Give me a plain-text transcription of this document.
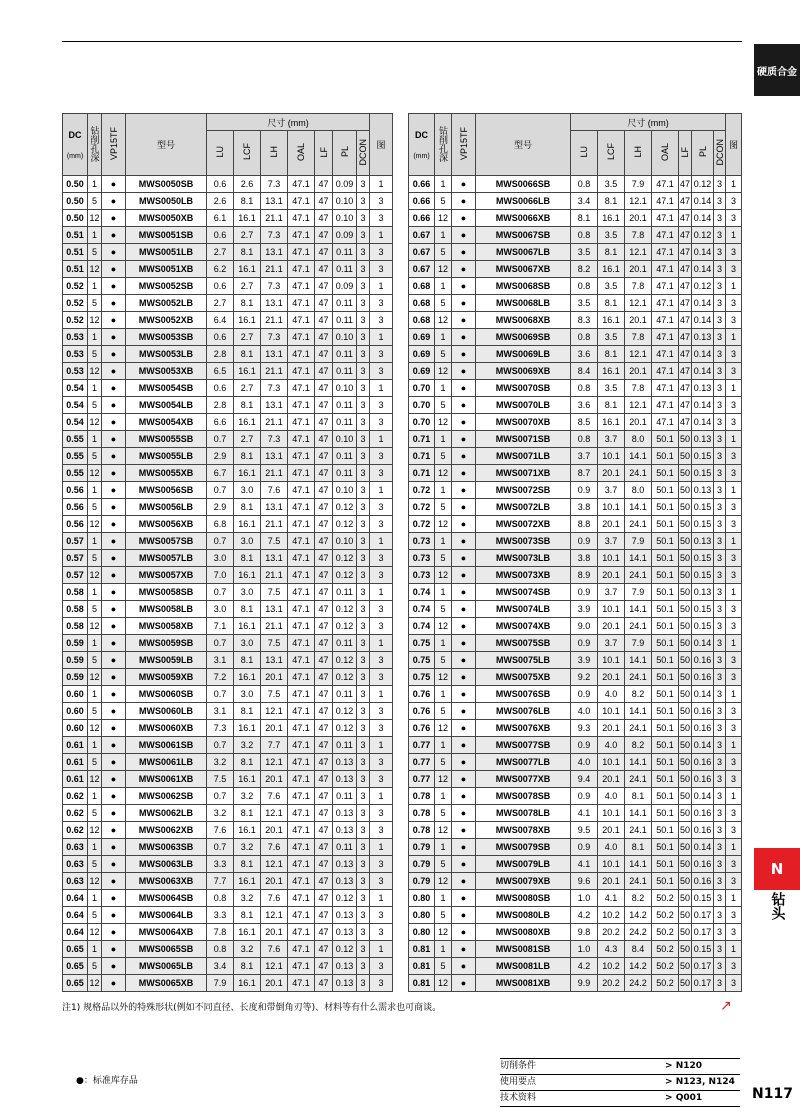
硬质合金
N
钻头
DC

(mm)	钻削孔深	VP15TF	型号	尺寸 (mm)							图
				LU	LCF	LH	OAL	LF	PL	DCON	
0.50	1	●	MWS0050SB	0.6	2.6	7.3	47.1	47	0.09	3	1
0.50	5	●	MWS0050LB	2.6	8.1	13.1	47.1	47	0.10	3	3
0.50	12	●	MWS0050XB	6.1	16.1	21.1	47.1	47	0.10	3	3
0.51	1	●	MWS0051SB	0.6	2.7	7.3	47.1	47	0.09	3	1
0.51	5	●	MWS0051LB	2.7	8.1	13.1	47.1	47	0.11	3	3
0.51	12	●	MWS0051XB	6.2	16.1	21.1	47.1	47	0.11	3	3
0.52	1	●	MWS0052SB	0.6	2.7	7.3	47.1	47	0.09	3	1
0.52	5	●	MWS0052LB	2.7	8.1	13.1	47.1	47	0.11	3	3
0.52	12	●	MWS0052XB	6.4	16.1	21.1	47.1	47	0.11	3	3
0.53	1	●	MWS0053SB	0.6	2.7	7.3	47.1	47	0.10	3	1
0.53	5	●	MWS0053LB	2.8	8.1	13.1	47.1	47	0.11	3	3
0.53	12	●	MWS0053XB	6.5	16.1	21.1	47.1	47	0.11	3	3
0.54	1	●	MWS0054SB	0.6	2.7	7.3	47.1	47	0.10	3	1
0.54	5	●	MWS0054LB	2.8	8.1	13.1	47.1	47	0.11	3	3
0.54	12	●	MWS0054XB	6.6	16.1	21.1	47.1	47	0.11	3	3
0.55	1	●	MWS0055SB	0.7	2.7	7.3	47.1	47	0.10	3	1
0.55	5	●	MWS0055LB	2.9	8.1	13.1	47.1	47	0.11	3	3
0.55	12	●	MWS0055XB	6.7	16.1	21.1	47.1	47	0.11	3	3
0.56	1	●	MWS0056SB	0.7	3.0	7.6	47.1	47	0.10	3	1
0.56	5	●	MWS0056LB	2.9	8.1	13.1	47.1	47	0.12	3	3
0.56	12	●	MWS0056XB	6.8	16.1	21.1	47.1	47	0.12	3	3
0.57	1	●	MWS0057SB	0.7	3.0	7.5	47.1	47	0.10	3	1
0.57	5	●	MWS0057LB	3.0	8.1	13.1	47.1	47	0.12	3	3
0.57	12	●	MWS0057XB	7.0	16.1	21.1	47.1	47	0.12	3	3
0.58	1	●	MWS0058SB	0.7	3.0	7.5	47.1	47	0.11	3	1
0.58	5	●	MWS0058LB	3.0	8.1	13.1	47.1	47	0.12	3	3
0.58	12	●	MWS0058XB	7.1	16.1	21.1	47.1	47	0.12	3	3
0.59	1	●	MWS0059SB	0.7	3.0	7.5	47.1	47	0.11	3	1
0.59	5	●	MWS0059LB	3.1	8.1	13.1	47.1	47	0.12	3	3
0.59	12	●	MWS0059XB	7.2	16.1	20.1	47.1	47	0.12	3	3
0.60	1	●	MWS0060SB	0.7	3.0	7.5	47.1	47	0.11	3	1
0.60	5	●	MWS0060LB	3.1	8.1	12.1	47.1	47	0.12	3	3
0.60	12	●	MWS0060XB	7.3	16.1	20.1	47.1	47	0.12	3	3
0.61	1	●	MWS0061SB	0.7	3.2	7.7	47.1	47	0.11	3	1
0.61	5	●	MWS0061LB	3.2	8.1	12.1	47.1	47	0.13	3	3
0.61	12	●	MWS0061XB	7.5	16.1	20.1	47.1	47	0.13	3	3
0.62	1	●	MWS0062SB	0.7	3.2	7.6	47.1	47	0.11	3	1
0.62	5	●	MWS0062LB	3.2	8.1	12.1	47.1	47	0.13	3	3
0.62	12	●	MWS0062XB	7.6	16.1	20.1	47.1	47	0.13	3	3
0.63	1	●	MWS0063SB	0.7	3.2	7.6	47.1	47	0.11	3	1
0.63	5	●	MWS0063LB	3.3	8.1	12.1	47.1	47	0.13	3	3
0.63	12	●	MWS0063XB	7.7	16.1	20.1	47.1	47	0.13	3	3
0.64	1	●	MWS0064SB	0.8	3.2	7.6	47.1	47	0.12	3	1
0.64	5	●	MWS0064LB	3.3	8.1	12.1	47.1	47	0.13	3	3
0.64	12	●	MWS0064XB	7.8	16.1	20.1	47.1	47	0.13	3	3
0.65	1	●	MWS0065SB	0.8	3.2	7.6	47.1	47	0.12	3	1
0.65	5	●	MWS0065LB	3.4	8.1	12.1	47.1	47	0.13	3	3
0.65	12	●	MWS0065XB	7.9	16.1	20.1	47.1	47	0.13	3	3
DC

(mm)	钻削孔深	VP15TF	型号	尺寸 (mm)							图
				LU	LCF	LH	OAL	LF	PL	DCON	
0.66	1	●	MWS0066SB	0.8	3.5	7.9	47.1	47	0.12	3	1
0.66	5	●	MWS0066LB	3.4	8.1	12.1	47.1	47	0.14	3	3
0.66	12	●	MWS0066XB	8.1	16.1	20.1	47.1	47	0.14	3	3
0.67	1	●	MWS0067SB	0.8	3.5	7.8	47.1	47	0.12	3	1
0.67	5	●	MWS0067LB	3.5	8.1	12.1	47.1	47	0.14	3	3
0.67	12	●	MWS0067XB	8.2	16.1	20.1	47.1	47	0.14	3	3
0.68	1	●	MWS0068SB	0.8	3.5	7.8	47.1	47	0.12	3	1
0.68	5	●	MWS0068LB	3.5	8.1	12.1	47.1	47	0.14	3	3
0.68	12	●	MWS0068XB	8.3	16.1	20.1	47.1	47	0.14	3	3
0.69	1	●	MWS0069SB	0.8	3.5	7.8	47.1	47	0.13	3	1
0.69	5	●	MWS0069LB	3.6	8.1	12.1	47.1	47	0.14	3	3
0.69	12	●	MWS0069XB	8.4	16.1	20.1	47.1	47	0.14	3	3
0.70	1	●	MWS0070SB	0.8	3.5	7.8	47.1	47	0.13	3	1
0.70	5	●	MWS0070LB	3.6	8.1	12.1	47.1	47	0.14	3	3
0.70	12	●	MWS0070XB	8.5	16.1	20.1	47.1	47	0.14	3	3
0.71	1	●	MWS0071SB	0.8	3.7	8.0	50.1	50	0.13	3	1
0.71	5	●	MWS0071LB	3.7	10.1	14.1	50.1	50	0.15	3	3
0.71	12	●	MWS0071XB	8.7	20.1	24.1	50.1	50	0.15	3	3
0.72	1	●	MWS0072SB	0.9	3.7	8.0	50.1	50	0.13	3	1
0.72	5	●	MWS0072LB	3.8	10.1	14.1	50.1	50	0.15	3	3
0.72	12	●	MWS0072XB	8.8	20.1	24.1	50.1	50	0.15	3	3
0.73	1	●	MWS0073SB	0.9	3.7	7.9	50.1	50	0.13	3	1
0.73	5	●	MWS0073LB	3.8	10.1	14.1	50.1	50	0.15	3	3
0.73	12	●	MWS0073XB	8.9	20.1	24.1	50.1	50	0.15	3	3
0.74	1	●	MWS0074SB	0.9	3.7	7.9	50.1	50	0.13	3	1
0.74	5	●	MWS0074LB	3.9	10.1	14.1	50.1	50	0.15	3	3
0.74	12	●	MWS0074XB	9.0	20.1	24.1	50.1	50	0.15	3	3
0.75	1	●	MWS0075SB	0.9	3.7	7.9	50.1	50	0.14	3	1
0.75	5	●	MWS0075LB	3.9	10.1	14.1	50.1	50	0.16	3	3
0.75	12	●	MWS0075XB	9.2	20.1	24.1	50.1	50	0.16	3	3
0.76	1	●	MWS0076SB	0.9	4.0	8.2	50.1	50	0.14	3	1
0.76	5	●	MWS0076LB	4.0	10.1	14.1	50.1	50	0.16	3	3
0.76	12	●	MWS0076XB	9.3	20.1	24.1	50.1	50	0.16	3	3
0.77	1	●	MWS0077SB	0.9	4.0	8.2	50.1	50	0.14	3	1
0.77	5	●	MWS0077LB	4.0	10.1	14.1	50.1	50	0.16	3	3
0.77	12	●	MWS0077XB	9.4	20.1	24.1	50.1	50	0.16	3	3
0.78	1	●	MWS0078SB	0.9	4.0	8.1	50.1	50	0.14	3	1
0.78	5	●	MWS0078LB	4.1	10.1	14.1	50.1	50	0.16	3	3
0.78	12	●	MWS0078XB	9.5	20.1	24.1	50.1	50	0.16	3	3
0.79	1	●	MWS0079SB	0.9	4.0	8.1	50.1	50	0.14	3	1
0.79	5	●	MWS0079LB	4.1	10.1	14.1	50.1	50	0.16	3	3
0.79	12	●	MWS0079XB	9.6	20.1	24.1	50.1	50	0.16	3	3
0.80	1	●	MWS0080SB	1.0	4.1	8.2	50.2	50	0.15	3	1
0.80	5	●	MWS0080LB	4.2	10.2	14.2	50.2	50	0.17	3	3
0.80	12	●	MWS0080XB	9.8	20.2	24.2	50.2	50	0.17	3	3
0.81	1	●	MWS0081SB	1.0	4.3	8.4	50.2	50	0.15	3	1
0.81	5	●	MWS0081LB	4.2	10.2	14.2	50.2	50	0.17	3	3
0.81	12	●	MWS0081XB	9.9	20.2	24.2	50.2	50	0.17	3	3
注1) 规格品以外的特殊形状(例如不同直径、长度和带倒角刃等)、材料等有什么需求也可商谈。	↗
●：标准库存品
切削条件	> N120
使用要点	> N123, N124
技术资料	> Q001	N117
